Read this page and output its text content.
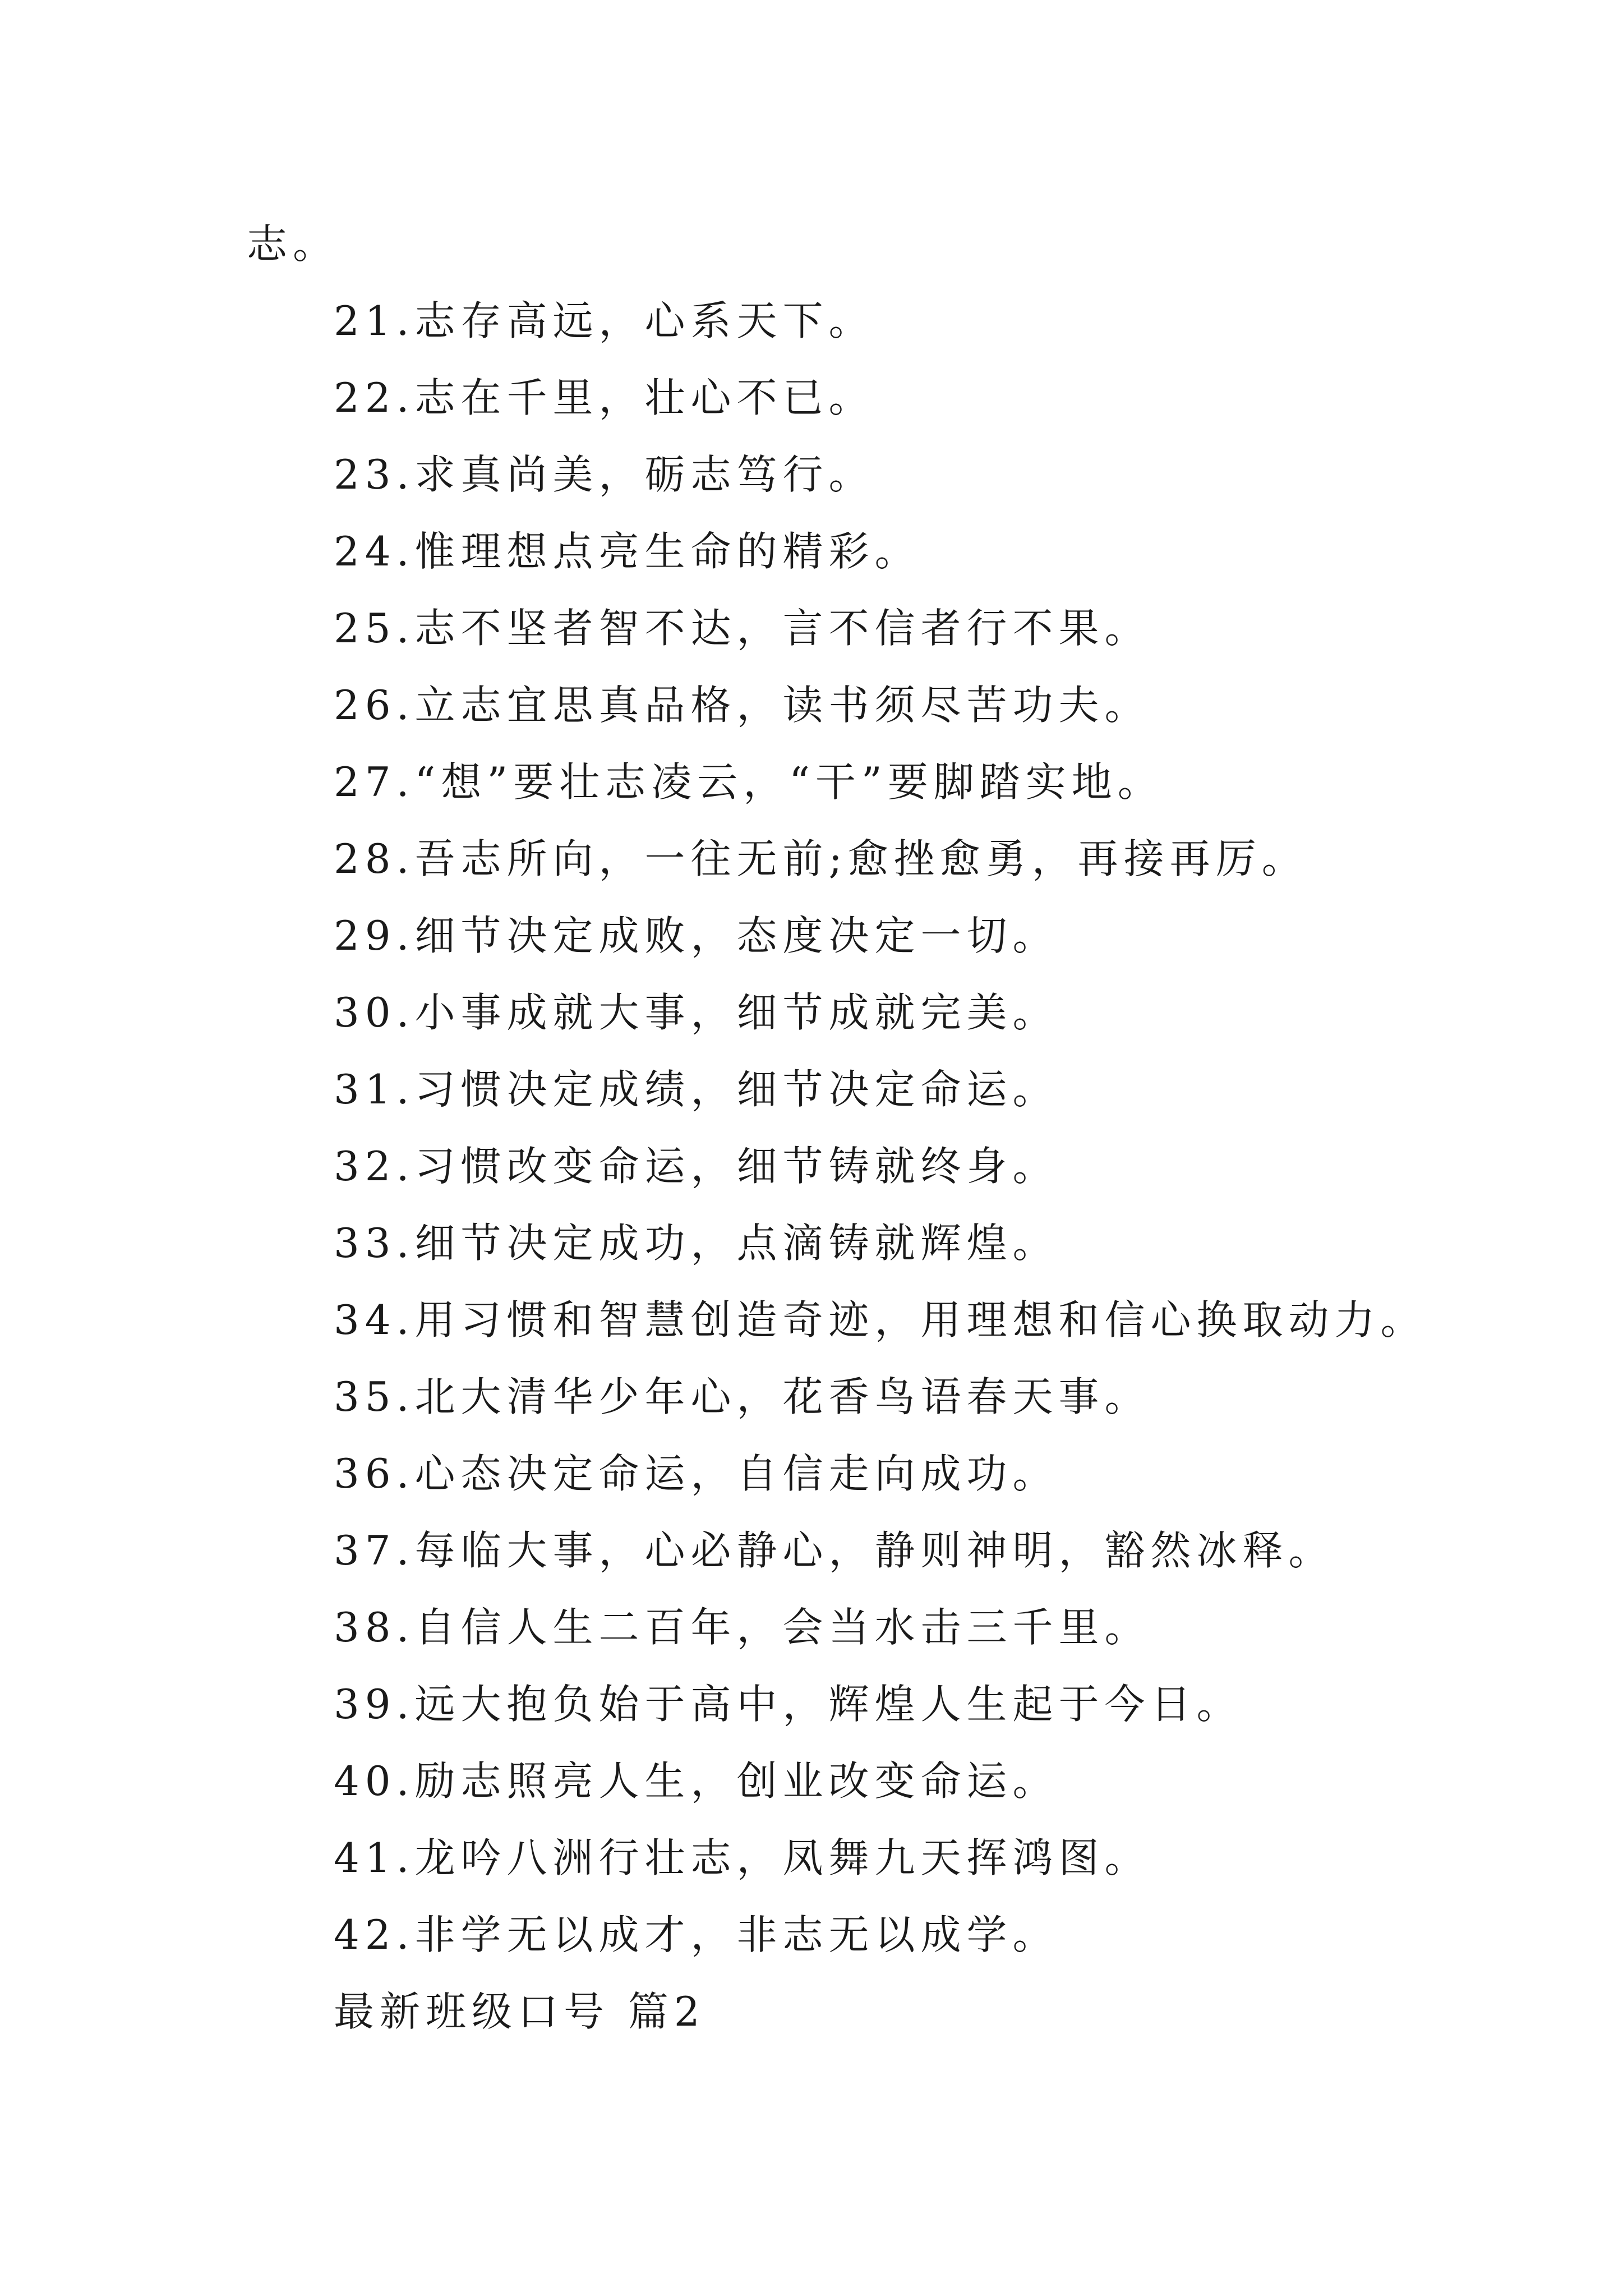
志。
21.志存高远，心系天下。
22.志在千里，壮心不已。
23.求真尚美，砺志笃行。
24.惟理想点亮生命的精彩。
25.志不坚者智不达，言不信者行不果。
26.立志宜思真品格，读书须尽苦功夫。
27.“想”要壮志凌云，“干”要脚踏实地。
28.吾志所向，一往无前;愈挫愈勇，再接再厉。
29.细节决定成败，态度决定一切。
30.小事成就大事，细节成就完美。
31.习惯决定成绩，细节决定命运。
32.习惯改变命运，细节铸就终身。
33.细节决定成功，点滴铸就辉煌。
34.用习惯和智慧创造奇迹，用理想和信心换取动力。
35.北大清华少年心，花香鸟语春天事。
36.心态决定命运，自信走向成功。
37.每临大事，心必静心，静则神明，豁然冰释。
38.自信人生二百年，会当水击三千里。
39.远大抱负始于高中，辉煌人生起于今日。
40.励志照亮人生，创业改变命运。
41.龙吟八洲行壮志，凤舞九天挥鸿图。
42.非学无以成才，非志无以成学。
最新班级口号 篇2
